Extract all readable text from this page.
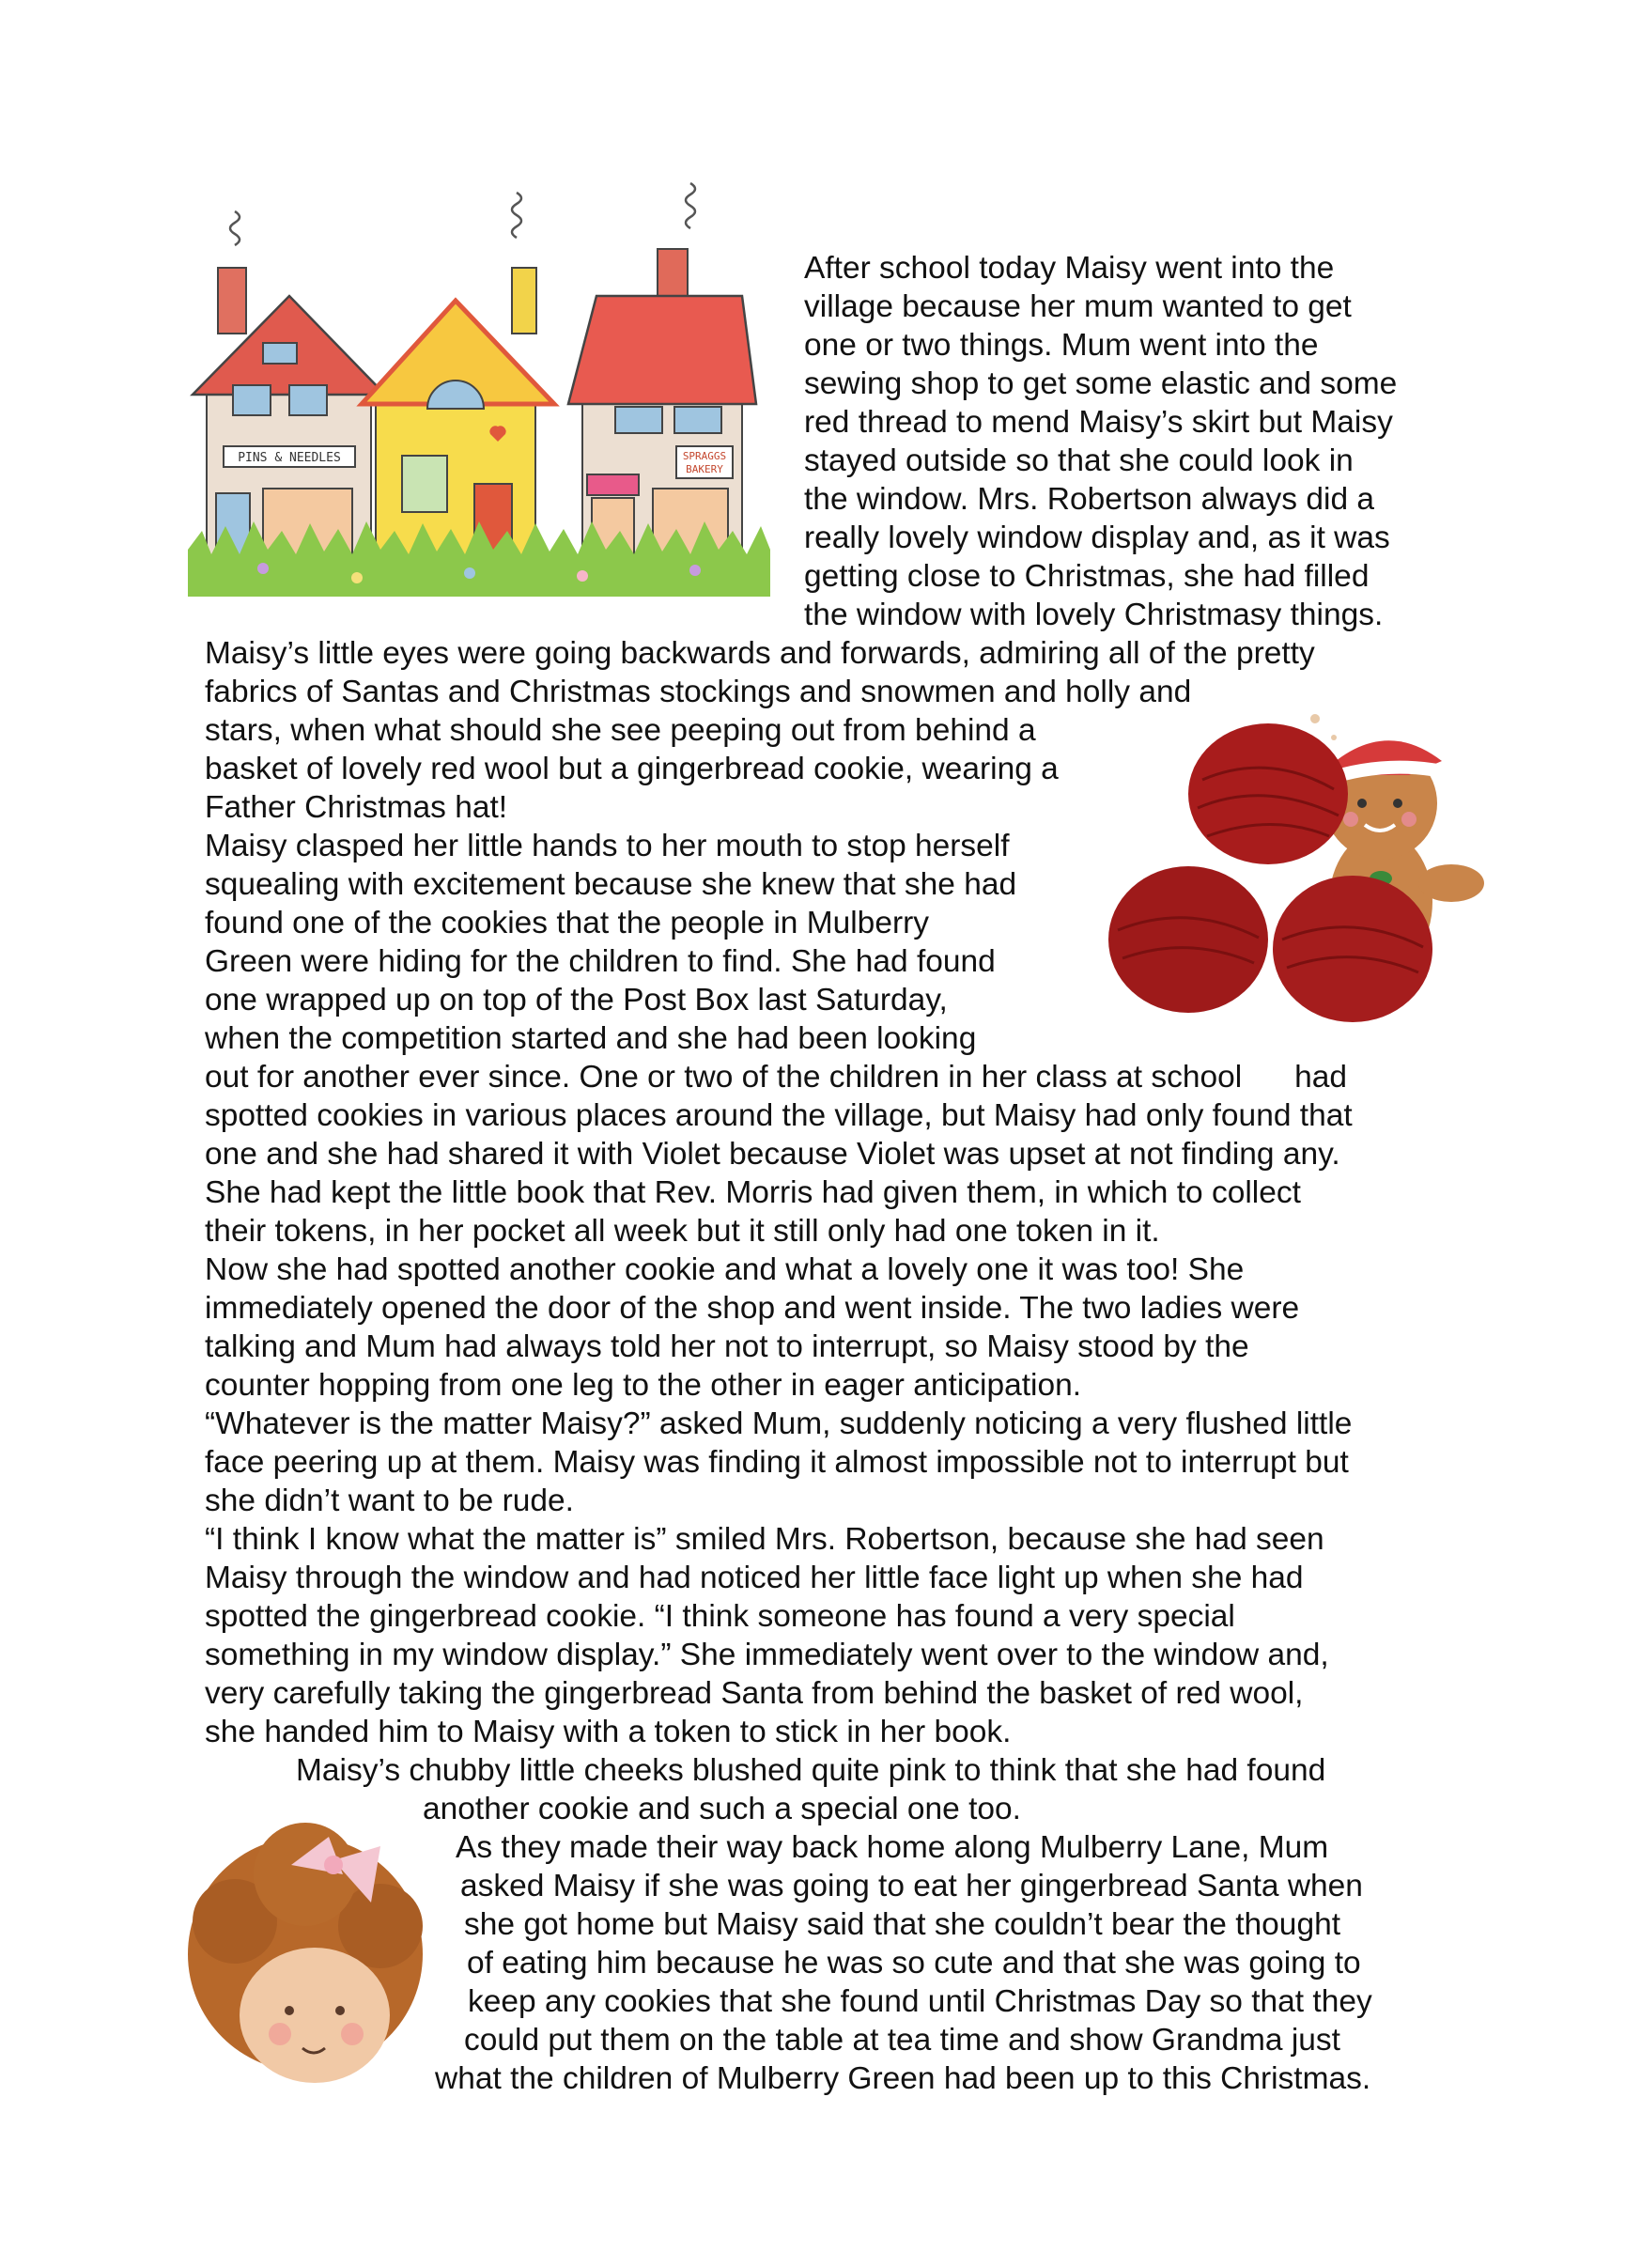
PINS & NEEDLES	SPRAGGS
BAKERY
After school today Maisy went into the
village because her mum wanted to get
one or two things. Mum went into the
sewing shop to get some elastic and some
red thread to mend Maisy’s skirt but Maisy
stayed outside so that she could look in
the window. Mrs. Robertson always did a
really lovely window display and, as it was
getting close to Christmas, she had filled
the window with lovely Christmasy things.
Maisy’s little eyes were going backwards and forwards, admiring all of the pretty
fabrics of Santas and Christmas stockings and snowmen and holly and
stars, when what should she see peeping out from behind a
basket of lovely red wool but a gingerbread cookie, wearing a
Father Christmas hat!
Maisy clasped her little hands to her mouth to stop herself
squealing with excitement because she knew that she had
found one of the cookies that the people in Mulberry
Green were hiding for the children to find. She had found
one wrapped up on top of the Post Box last Saturday,
when the competition started and she had been looking
out for another ever since. One or two of the children in her class at school      had
spotted cookies in various places around the village, but Maisy had only found that
one and she had shared it with Violet because Violet was upset at not finding any.
She had kept the little book that Rev. Morris had given them, in which to collect
their tokens, in her pocket all week but it still only had one token in it.
Now she had spotted another cookie and what a lovely one it was too! She
immediately opened the door of the shop and went inside. The two ladies were
talking and Mum had always told her not to interrupt, so Maisy stood by the
counter hopping from one leg to the other in eager anticipation.
“Whatever is the matter Maisy?” asked Mum, suddenly noticing a very flushed little
face peering up at them. Maisy was finding it almost impossible not to interrupt but
she didn’t want to be rude.
“I think I know what the matter is” smiled Mrs. Robertson, because she had seen
Maisy through the window and had noticed her little face light up when she had
spotted the gingerbread cookie. “I think someone has found a very special
something in my window display.” She immediately went over to the window and,
very carefully taking the gingerbread Santa from behind the basket of red wool,
she handed him to Maisy with a token to stick in her book.
Maisy’s chubby little cheeks blushed quite pink to think that she had found
another cookie and such a special one too.
As they made their way back home along Mulberry Lane, Mum
asked Maisy if she was going to eat her gingerbread Santa when
she got home but Maisy said that she couldn’t bear the thought
of eating him because he was so cute and that she was going to
keep any cookies that she found until Christmas Day so that they
could put them on the table at tea time and show Grandma just
what the children of Mulberry Green had been up to this Christmas.
